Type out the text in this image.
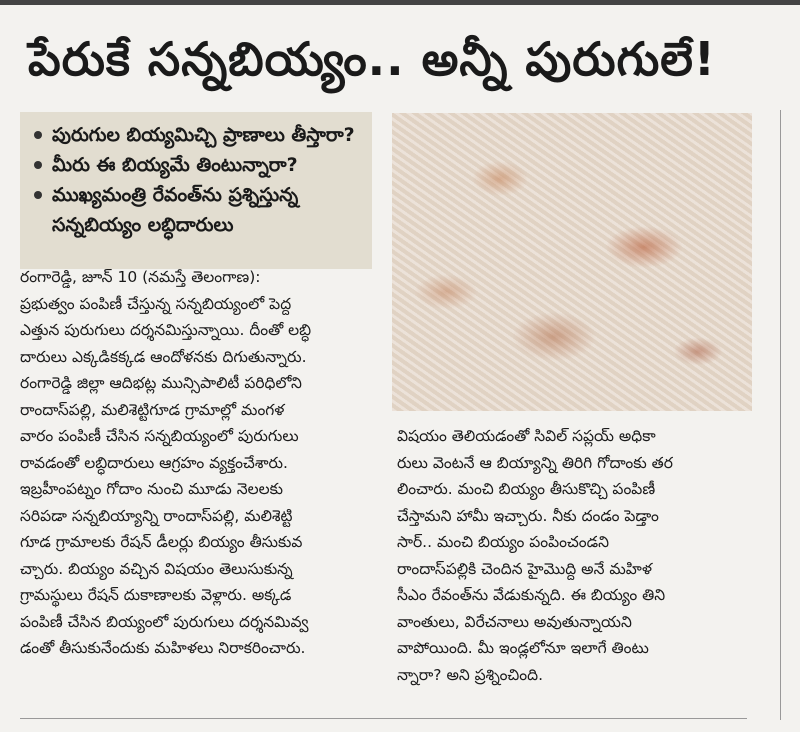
పేరుకే సన్నబియ్యం.. అన్నీ పురుగులే!
పురుగుల బియ్యమిచ్చి ప్రాణాలు తీస్తారా?
మీరు ఈ బియ్యమే తింటున్నారా?
ముఖ్యమంత్రి రేవంత్‌ను ప్రశ్నిస్తున్న
సన్నబియ్యం లబ్ధిదారులు
రంగారెడ్డి, జూన్ 10 (నమస్తే తెలంగాణ):
ప్రభుత్వం పంపిణీ చేస్తున్న సన్నబియ్యంలో పెద్ద
ఎత్తున పురుగులు దర్శనమిస్తున్నాయి. దీంతో లబ్ధి
దారులు ఎక్కడికక్కడ ఆందోళనకు దిగుతున్నారు.
రంగారెడ్డి జిల్లా ఆదిభట్ల మున్సిపాలిటీ పరిధిలోని
రాందాస్‌పల్లి, మలిశెట్టిగూడ గ్రామాల్లో మంగళ
వారం పంపిణీ చేసిన సన్నబియ్యంలో పురుగులు
రావడంతో లబ్ధిదారులు ఆగ్రహం వ్యక్తంచేశారు.
ఇబ్రహీంపట్నం గోదాం నుంచి మూడు నెలలకు
సరిపడా సన్నబియ్యాన్ని రాందాస్‌పల్లి, మలిశెట్టి
గూడ గ్రామాలకు రేషన్ డీలర్లు బియ్యం తీసుకువ
చ్చారు. బియ్యం వచ్చిన విషయం తెలుసుకున్న
గ్రామస్థులు రేషన్ దుకాణాలకు వెళ్లారు. అక్కడ
పంపిణీ చేసిన బియ్యంలో పురుగులు దర్శనమివ్వ
డంతో తీసుకునేందుకు మహిళలు నిరాకరించారు.
విషయం తెలియడంతో సివిల్ సప్లయ్ అధికా
రులు వెంటనే ఆ బియ్యాన్ని తిరిగి గోదాంకు తర
లించారు. మంచి బియ్యం తీసుకొచ్చి పంపిణీ
చేస్తామని హామీ ఇచ్చారు. నీకు దండం పెడ్తాం
సార్.. మంచి బియ్యం పంపించండని
రాందాస్‌పల్లికి చెందిన హైమొద్ది అనే మహిళ
సీఎం రేవంత్‌ను వేడుకున్నది. ఈ బియ్యం తిని
వాంతులు, విరేచనాలు అవుతున్నాయని
వాపోయింది. మీ ఇండ్లలోనూ ఇలాగే తింటు
న్నారా? అని ప్రశ్నించింది.
